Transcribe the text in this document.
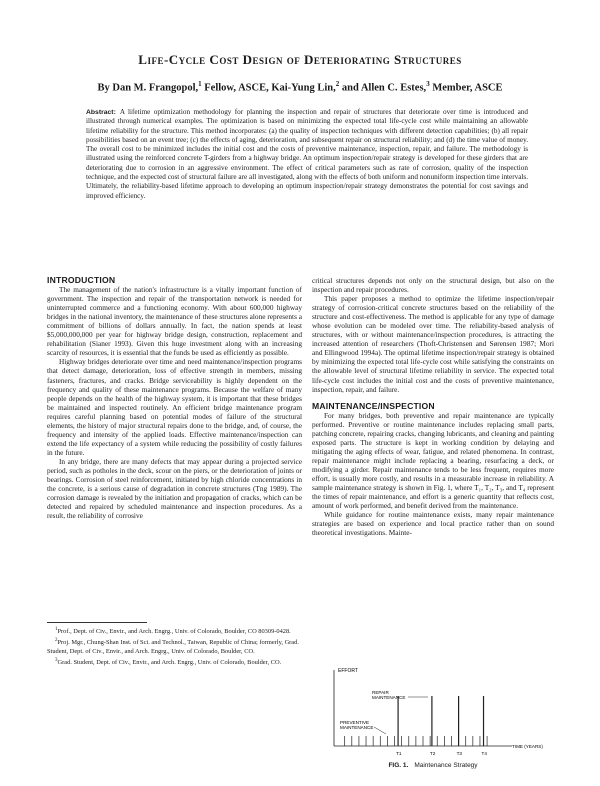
Life-Cycle Cost Design of Deteriorating Structures
By Dan M. Frangopol,$^1$ Fellow, ASCE, Kai-Yung Lin,$^2$ and Allen C. Estes,$^3$ Member, ASCE
Abstract: A lifetime optimization methodology for planning the inspection and repair of structures that deteriorate over time is introduced and illustrated through numerical examples. The optimization is based on minimizing the expected total life-cycle cost while maintaining an allowable lifetime reliability for the structure. This method incorporates: (a) the quality of inspection techniques with different detection capabilities; (b) all repair possibilities based on an event tree; (c) the effects of aging, deterioration, and subsequent repair on structural reliability; and (d) the time value of money. The overall cost to be minimized includes the initial cost and the costs of preventive maintenance, inspection, repair, and failure. The methodology is illustrated using the reinforced concrete T-girders from a highway bridge. An optimum inspection/repair strategy is developed for these girders that are deteriorating due to corrosion in an aggressive environment. The effect of critical parameters such as rate of corrosion, quality of the inspection technique, and the expected cost of structural failure are all investigated, along with the effects of both uniform and nonuniform inspection time intervals. Ultimately, the reliability-based lifetime approach to developing an optimum inspection/repair strategy demonstrates the potential for cost savings and improved efficiency.

INTRODUCTION

The management of the nation's infrastructure is a vitally important function of government. The inspection and repair of the transportation network is needed for uninterrupted commerce and a functioning economy. With about 600,000 highway bridges in the national inventory, the maintenance of these structures alone represents a commitment of billions of dollars annually. In fact, the nation spends at least $5,000,000,000 per year for highway bridge design, construction, replacement and rehabilitation (Sianer 1993). Given this huge investment along with an increasing scarcity of resources, it is essential that the funds be used as efficiently as possible.

Highway bridges deteriorate over time and need maintenance/inspection programs that detect damage, deterioration, loss of effective strength in members, missing fasteners, fractures, and cracks. Bridge serviceability is highly dependent on the frequency and quality of these maintenance programs. Because the welfare of many people depends on the health of the highway system, it is important that these bridges be maintained and inspected routinely. An efficient bridge maintenance program requires careful planning based on potential modes of failure of the structural elements, the history of major structural repairs done to the bridge, and, of course, the frequency and intensity of the applied loads. Effective maintenance/inspection can extend the life expectancy of a system while reducing the possibility of costly failures in the future.

In any bridge, there are many defects that may appear during a projected service period, such as potholes in the deck, scour on the piers, or the deterioration of joints or bearings. Corrosion of steel reinforcement, initiated by high chloride concentrations in the concrete, is a serious cause of degradation in concrete structures (Tng 1989). The corrosion damage is revealed by the initiation and propagation of cracks, which can be detected and repaired by scheduled maintenance and inspection procedures. As a result, the reliability of corrosive

$^1$Prof., Dept. of Civ., Envir., and Arch. Engrg., Univ. of Colorado, Boulder, CO 80309-0428.

$^2$Proj. Mgr., Chung-Shan Inst. of Sci. and Technol., Taiwan, Republic of China; formerly, Grad. Student, Dept. of Civ., Envir., and Arch. Engrg., Univ. of Colorado, Boulder, CO.

$^3$Grad. Student, Dept. of Civ., Envir., and Arch. Engrg., Univ. of Colorado, Boulder, CO.

critical structures depends not only on the structural design, but also on the inspection and repair procedures.

This paper proposes a method to optimize the lifetime inspection/repair strategy of corrosion-critical concrete structures based on the reliability of the structure and cost-effectiveness. The method is applicable for any type of damage whose evolution can be modeled over time. The reliability-based analysis of structures, with or without maintenance/inspection procedures, is attracting the increased attention of researchers (Thoft-Christensen and Sørensen 1987; Mori and Ellingwood 1994a). The optimal lifetime inspection/repair strategy is obtained by minimizing the expected total life-cycle cost while satisfying the constraints on the allowable level of structural lifetime reliability in service. The expected total life-cycle cost includes the initial cost and the costs of preventive maintenance, inspection, repair, and failure.

MAINTENANCE/INSPECTION

For many bridges, both preventive and repair maintenance are typically performed. Preventive or routine maintenance includes replacing small parts, patching concrete, repairing cracks, changing lubricants, and cleaning and painting exposed parts. The structure is kept in working condition by delaying and mitigating the aging effects of wear, fatigue, and related phenomena. In contrast, repair maintenance might include replacing a bearing, resurfacing a deck, or modifying a girder. Repair maintenance tends to be less frequent, requires more effort, is usually more costly, and results in a measurable increase in reliability. A sample maintenance strategy is shown in Fig. 1, where T₁, T₂, T₃, and T₄ represent the times of repair maintenance, and effort is a generic quantity that reflects cost, amount of work performed, and benefit derived from the maintenance.

While guidance for routine maintenance exists, many repair maintenance strategies are based on experience and local practice rather than on sound theoretical investigations. Mainte-

EFFORT
TIME (YEARS)
REPAIR
MAINTENANCE
PREVENTIVE
MAINTENANCE
T1	T2	T3	T4
FIG. 1. Maintenance Strategy
